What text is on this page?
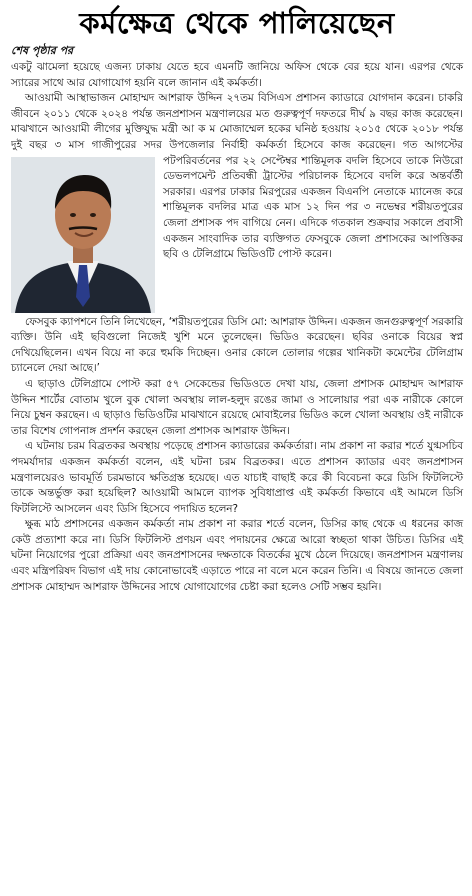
কর্মক্ষেত্র থেকে পালিয়েছেন
শেষ পৃষ্ঠার পর

একটু ঝামেলা হয়েছে এজন্য ঢাকায় যেতে হবে এমনটি জানিয়ে অফিস থেকে বের হয়ে যান। এরপর থেকে স্যারের সাথে আর যোগাযোগ হয়নি বলে জানান এই কর্মকর্তা।

আওয়ামী আস্থাভাজন মোহাম্মদ আশরাফ উদ্দিন ২৭তম বিসিএস প্রশাসন ক্যাডারে যোগদান করেন। চাকরি জীবনে ২০১১ থেকে ২০২৪ পর্যন্ত জনপ্রশাসন মন্ত্রণালয়ের মত গুরুত্বপূর্ণ দফতরে দীর্ঘ ৯ বছর কাজ করেছেন। মাঝখানে আওয়ামী লীগের মুক্তিযুদ্ধ মন্ত্রী আ ক ম মোজাম্মেল হকের ঘনিষ্ঠ হওয়ায় ২০১৫ থেকে ২০১৮ পর্যন্ত দুই বছর ৩ মাস গাজীপুরের সদর উপজেলার নির্বাহী কর্মকর্তা হিসেবে কাজ করেছেন। গত আগস্টের পটপরিবর্তনের পর ২২ সেপ্টেম্বর শান্তিমূলক
বদলি হিসেবে তাকে নিউরো ডেভলপমেন্ট প্রতিবন্ধী ট্রাস্টের পরিচালক হিসেবে বদলি করে অন্তর্বর্তী সরকার। এরপর ঢাকার মিরপুরের একজন বিএনপি নেতাকে ম্যানেজ করে শান্তিমূলক বদলির মাত্র এক মাস ১২ দিন পর ৩ নভেম্বর শরীয়তপুরের জেলা প্রশাসক পদ বাগিয়ে নেন। এদিকে গতকাল শুক্রবার সকালে প্রবাসী একজন সাংবাদিক তার ব্যক্তিগত ফেসবুকে জেলা প্রশাসকের আপত্তিকর ছবি ও টেলিগ্রামে ভিডিওটি পোস্ট করেন।

ফেসবুক ক্যাপশনে তিনি লিখেছেন, ‘শরীয়তপুরের ডিসি মো: আশরাফ উদ্দিন। একজন জনগুরুত্বপূর্ণ সরকারি ব্যক্তি। উনি এই ছবিগুলো নিজেই খুশি মনে তুলেছেন। ভিডিও করেছেন। ছবির ওনাকে বিয়ের স্বপ্ন দেখিয়েছিলেন। এখন বিয়ে না করে হুমকি দিচ্ছেন। ওনার কোলে তোলার গল্পের খানিকটা কমেন্টের টেলিগ্রাম চ্যানেলে দেয়া আছে।’

এ ছাড়াও টেলিগ্রামে পোস্ট করা ৫৭ সেকেন্ডের ভিডিওতে দেখা যায়, জেলা প্রশাসক মোহাম্মদ আশরাফ উদ্দিন শার্টের বোতাম খুলে বুক খোলা অবস্থায় লাল-হলুদ রঙের জামা ও সালোয়ার পরা এক নারীকে কোলে নিয়ে চুম্বন করছেন। এ ছাড়াও ভিডিওটির মাঝখানে রয়েছে মোবাইলের ভিডিও কলে খোলা অবস্থায় ওই নারীকে তার বিশেষ গোপনাঙ্গ প্রদর্শন করছেন জেলা প্রশাসক আশরাফ উদ্দিন।

এ ঘটনায় চরম বিব্রতকর অবস্থায় পড়েছে প্রশাসন ক্যাডারের কর্মকর্তারা। নাম প্রকাশ না করার শর্তে যুগ্মসচিব পদমর্যাদার একজন কর্মকর্তা বলেন, এই ঘটনা চরম বিব্রতকর। এতে প্রশাসন ক্যাডার এবং জনপ্রশাসন মন্ত্রণালয়েরও ভাবমূর্তি চরমভাবে ক্ষতিগ্রস্ত হয়েছে। এত যাচাই বাছাই করে কী বিবেচনা করে ডিসি ফিটলিস্টে তাকে অন্তর্ভুক্ত করা হয়েছিল? আওয়ামী আমলে ব্যাপক সুবিধাপ্রাপ্ত এই কর্মকর্তা কিভাবে এই আমলে ডিসি ফিটলিস্টে আসলেন এবং ডিসি হিসেবে পদায়িত হলেন?

ক্ষুব্ধ মাঠ প্রশাসনের একজন কর্মকর্তা নাম প্রকাশ না করার শর্তে বলেন, ডিসির কাছ থেকে এ ধরনের কাজ কেউ প্রত্যাশা করে না। ডিসি ফিটলিস্ট প্রণয়ন এবং পদায়নের ক্ষেত্রে আরো স্বচ্ছতা থাকা উচিত। ডিসির এই ঘটনা নিয়োগের পুরো প্রক্রিয়া এবং জনপ্রশাসনের দক্ষতাকে বিতর্কের মুখে ঠেলে দিয়েছে। জনপ্রশাসন মন্ত্রণালয় এবং মন্ত্রিপরিষদ বিভাগ এই দায় কোনোভাবেই এড়াতে পারে না বলে মনে করেন তিনি। এ বিষয়ে জানতে জেলা প্রশাসক মোহাম্মদ আশরাফ উদ্দিনের সাথে যোগাযোগের চেষ্টা করা হলেও সেটি সম্ভব হয়নি।
